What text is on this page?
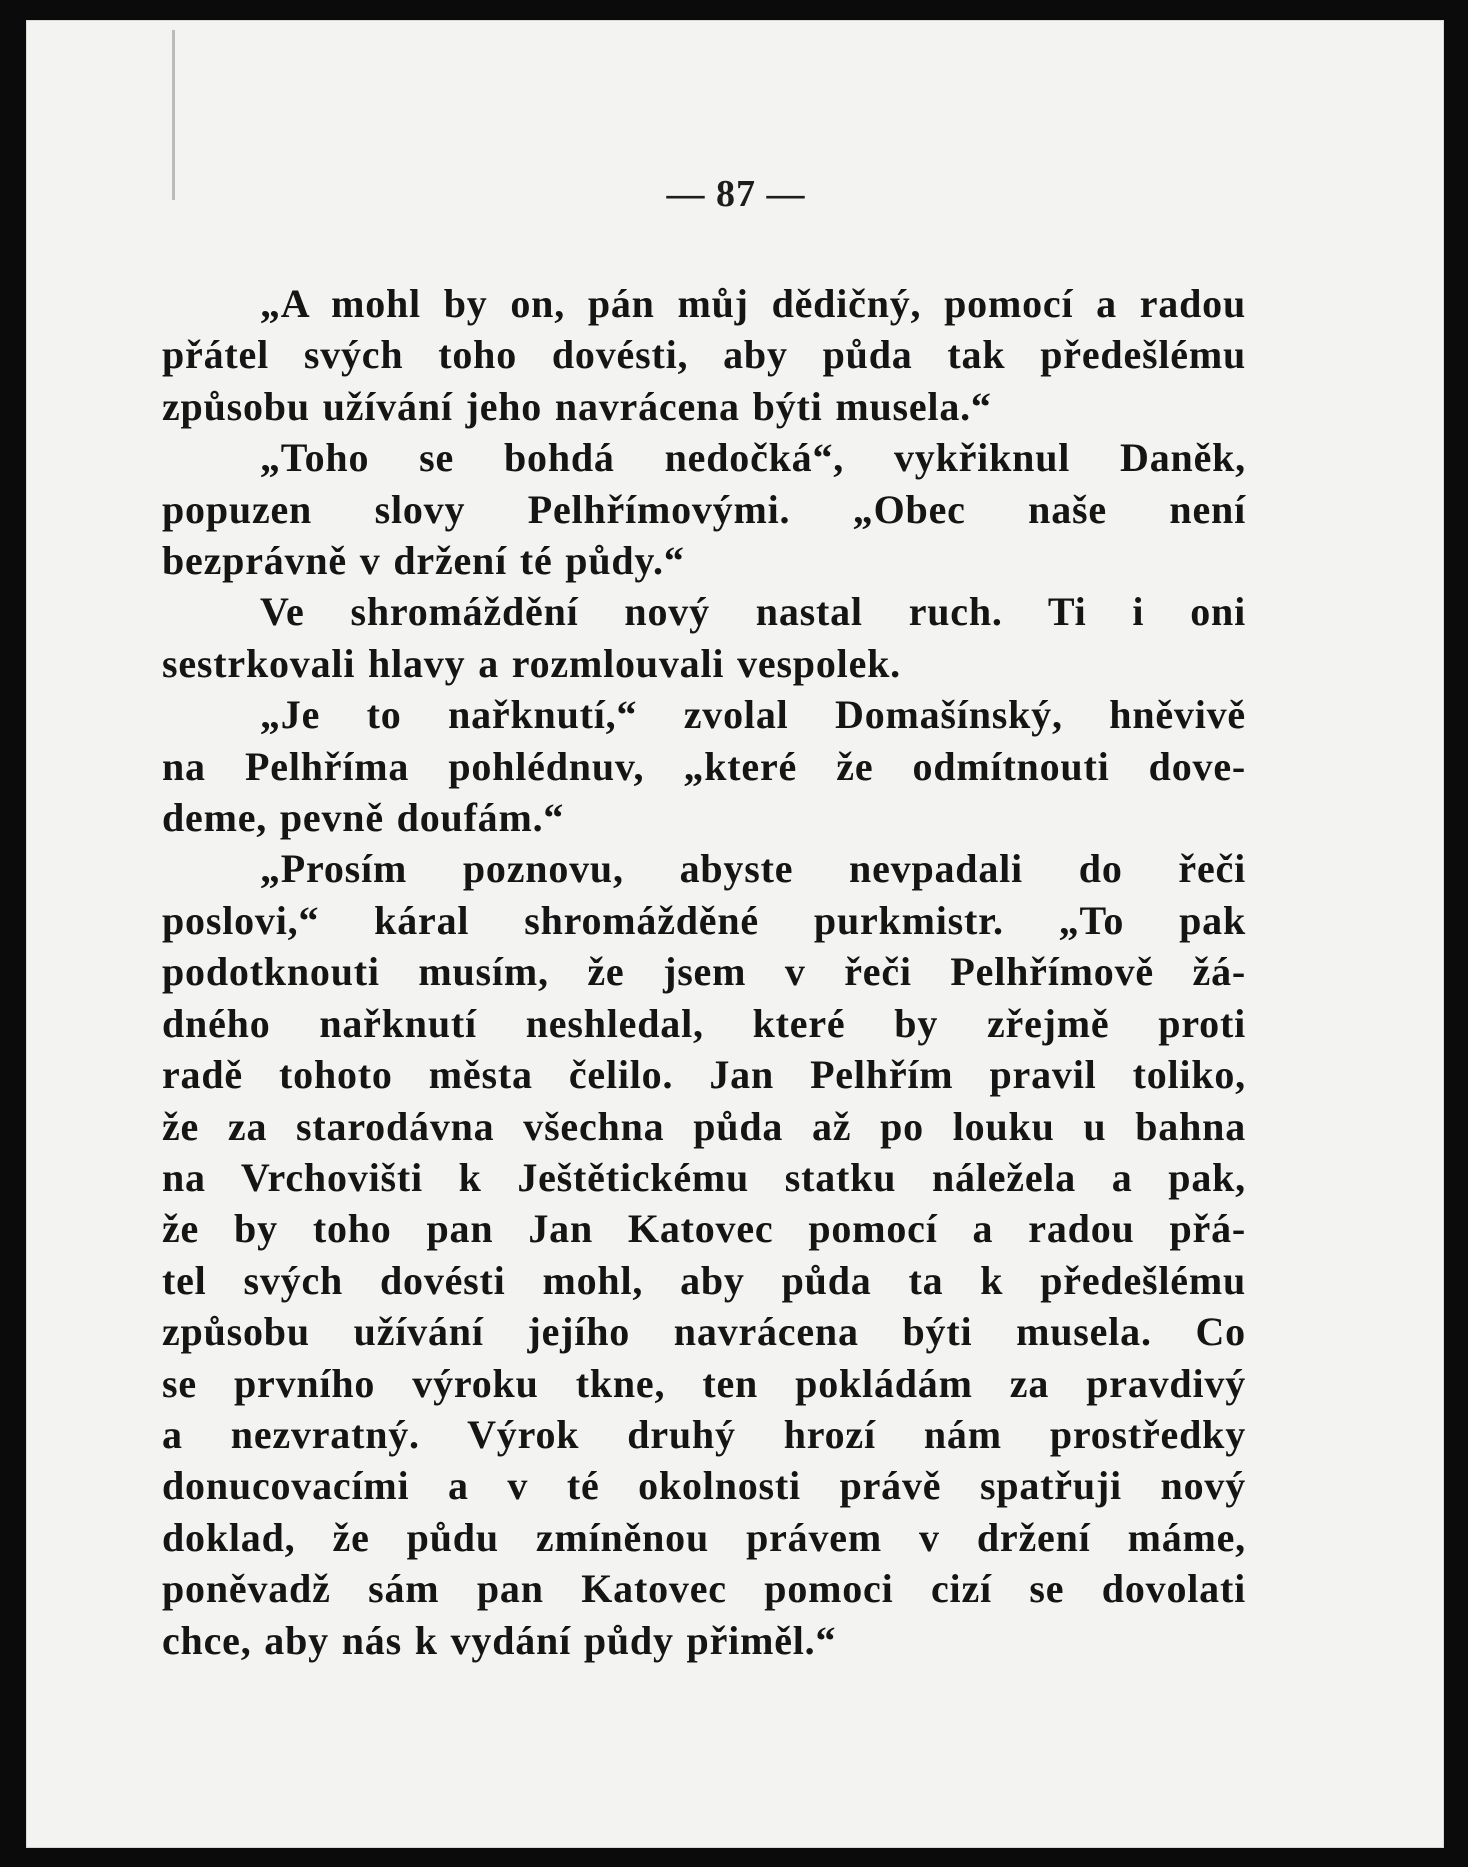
— 87 —
„A mohl by on, pán můj dědičný, pomocí a radou
přátel svých toho dovésti, aby půda tak předešlému
způsobu užívání jeho navrácena býti musela.“
„Toho se bohdá nedočká“, vykřiknul Daněk,
popuzen slovy Pelhřímovými. „Obec naše není
bezprávně v držení té půdy.“
Ve shromáždění nový nastal ruch. Ti i oni
sestrkovali hlavy a rozmlouvali vespolek.
„Je to nařknutí,“ zvolal Domašínský, hněvivě
na Pelhříma pohlédnuv, „které že odmítnouti dove-
deme, pevně doufám.“
„Prosím poznovu, abyste nevpadali do řeči
poslovi,“ káral shromážděné purkmistr. „To pak
podotknouti musím, že jsem v řeči Pelhřímově žá-
dného nařknutí neshledal, které by zřejmě proti
radě tohoto města čelilo. Jan Pelhřím pravil toliko,
že za starodávna všechna půda až po louku u bahna
na Vrchovišti k Ještětickému statku náležela a pak,
že by toho pan Jan Katovec pomocí a radou přá-
tel svých dovésti mohl, aby půda ta k předešlému
způsobu užívání jejího navrácena býti musela. Co
se prvního výroku tkne, ten pokládám za pravdivý
a nezvratný. Výrok druhý hrozí nám prostředky
donucovacími a v té okolnosti právě spatřuji nový
doklad, že půdu zmíněnou právem v držení máme,
poněvadž sám pan Katovec pomoci cizí se dovolati
chce, aby nás k vydání půdy přiměl.“
